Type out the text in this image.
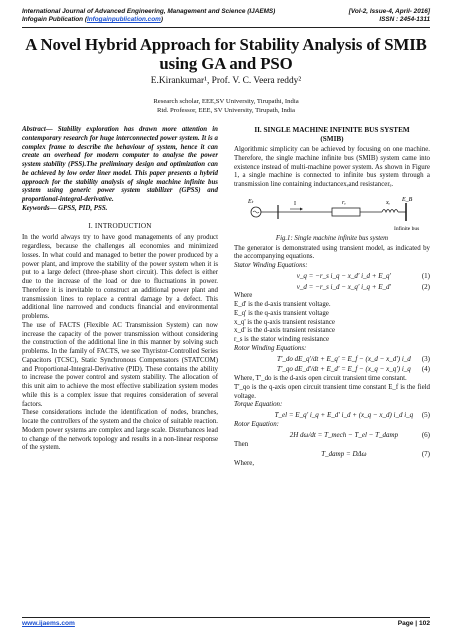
International Journal of Advanced Engineering, Management and Science (IJAEMS)	[Vol-2, Issue-4, April- 2016]
Infogain Publication (Infogainpublication.com)	ISSN : 2454-1311
A Novel Hybrid Approach for Stability Analysis of SMIB using GA and PSO
E.Kirankumar¹, Prof. V. C. Veera reddy²
Research scholar, EEE,SV University, Tirupathi, India
Rtd. Professor, EEE, SV University, Tirupath, India

Abstract— Stability exploration has drawn more attention in contemporary research for huge interconnected power system. It is a complex frame to describe the behaviour of system, hence it can create an overhead for modern computer to analyse the power system stability (PSS).The preliminary design and optimization can be achieved by low order liner model. This paper presents a hybrid approach for the stability analysis of single machine infinite bus system using generic power system stabilizer (GPSS) and proportional-integral-derivative.

Keywords— GPSS, PID, PSS.

I. INTRODUCTION

In the world always try to have good managements of any product regardless, because the challenges all economies and minimized losses. In what could and managed to better the power produced by a power plant, and improve the stability of the power system when it is put to a large defect (three-phase short circuit). This defect is either due to the increase of the load or due to fluctuations in power. Therefore it is inevitable to construct an additional power plant and transmission lines to replace a central damage by a defect. This additional line narrowed and conducts financial and environmental problems.

The use of FACTS (Flexible AC Transmission System) can now increase the capacity of the power transmission without considering the construction of the additional line in this manner by solving such problems. In the family of FACTS, we see Thyristor-Controlled Series Capacitors (TCSC), Static Synchronous Compensators (STATCOM) and Proportional-Integral-Derivative (PID). These contains the ability to increase the power control and system stability. The allocation of this unit aim to achieve the most effective stabilization system modes while this is a complex issue that requires consideration of several factors.

These considerations include the identification of nodes, branches, locate the controllers of the system and the choice of suitable reaction. Modern power systems are complex and large scale. Disturbances lead to change of the network topology and results in a non-linear response of the system.

II. SINGLE MACHINE INFINITE BUS SYSTEM
(SMIB)

Algorithmic simplicity can be achieved by focusing on one machine. Therefore, the single machine infinite bus (SMIB) system came into existence instead of multi-machine power system. As shown in Figure 1, a single machine is connected to infinite bus system through a transmission line containing inductancexₑand resistancerₑ.

Eₜ	I	rₑ	xₑ E_B
Infinite bus
Fig.1: Single machine infinite bus system

The generator is demonstrated using transient model, as indicated by the accompanying equations.

Stator Winding Equations:

v_q = −r_s i_q − x_d' i_d + E_q'	(1)
v_d = −r_s i_d − x_q' i_q + E_d'	(2)

Where

E_d' is the d-axis transient voltage.

E_q' is the q-axis transient voltage

x_q' is the q-axis transient resistance

x_d' is the d-axis transient resistance

r_s is the stator winding resistance

Rotor Winding Equations:

T'_do dE_q'/dt + E_q' = E_f − (x_d − x_d') i_d	(3)
T'_qo dE_d'/dt + E_d' = E_f − (x_q − x_q') i_q	(4)

Where, T'_do is the d-axis open circuit transient time constant.

T'_qo is the q-axis open circuit transient time constant E_f is the field voltage.

Torque Equation:

T_el = E_q' i_q + E_d' i_d + (x_q − x_d) i_d i_q	(5)

Rotor Equation:

2H dω/dt = T_mech − T_el − T_damp	(6)

Then

T_damp = DΔω	(7)

Where,

www.ijaems.com	Page | 102
